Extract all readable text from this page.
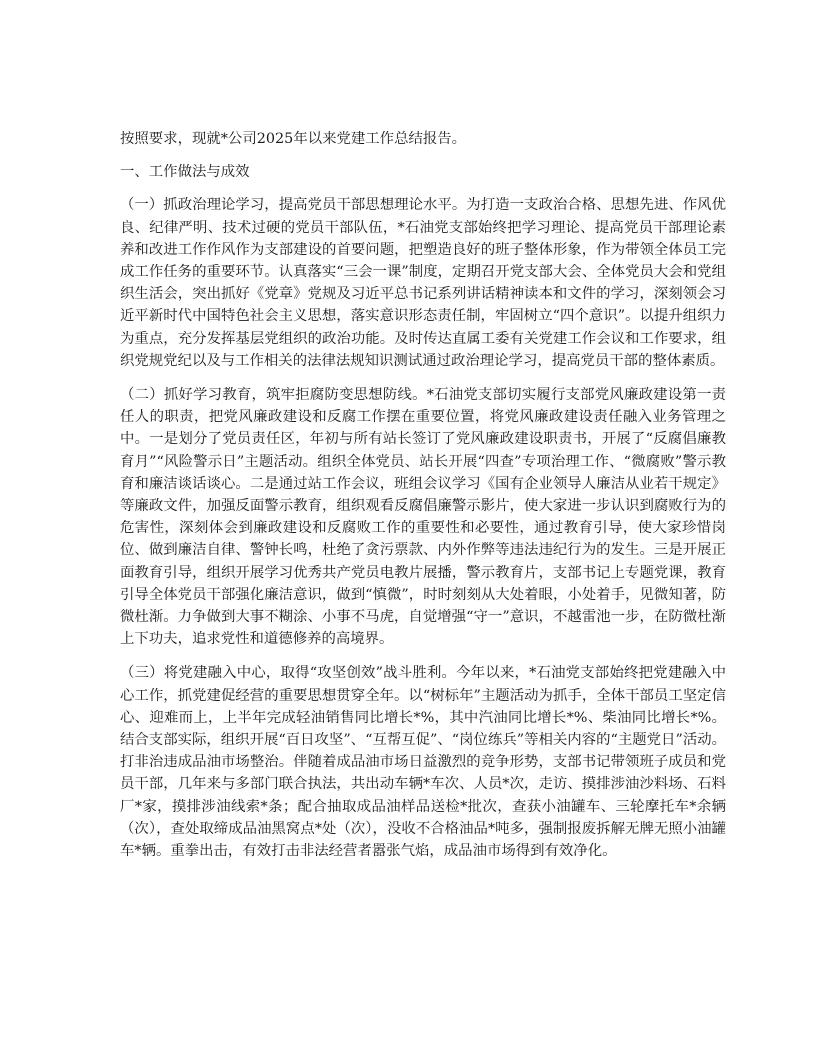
按照要求，现就*公司2025年以来党建工作总结报告。

一、工作做法与成效

（一）抓政治理论学习，提高党员干部思想理论水平。为打造一支政治合格、思想先进、作风优良、纪律严明、技术过硬的党员干部队伍，*石油党支部始终把学习理论、提高党员干部理论素养和改进工作作风作为支部建设的首要问题，把塑造良好的班子整体形象，作为带领全体员工完成工作任务的重要环节。认真落实“三会一课”制度，定期召开党支部大会、全体党员大会和党组织生活会，突出抓好《党章》党规及习近平总书记系列讲话精神读本和文件的学习，深刻领会习近平新时代中国特色社会主义思想，落实意识形态责任制，牢固树立“四个意识”。以提升组织力为重点，充分发挥基层党组织的政治功能。及时传达直属工委有关党建工作会议和工作要求，组织党规党纪以及与工作相关的法律法规知识测试通过政治理论学习，提高党员干部的整体素质。

（二）抓好学习教育，筑牢拒腐防变思想防线。*石油党支部切实履行支部党风廉政建设第一责任人的职责，把党风廉政建设和反腐工作摆在重要位置，将党风廉政建设责任融入业务管理之中。一是划分了党员责任区，年初与所有站长签订了党风廉政建设职责书，开展了“反腐倡廉教育月”“风险警示日”主题活动。组织全体党员、站长开展“四查”专项治理工作、“微腐败”警示教育和廉洁谈话谈心。二是通过站工作会议，班组会议学习《国有企业领导人廉洁从业若干规定》等廉政文件，加强反面警示教育，组织观看反腐倡廉警示影片，使大家进一步认识到腐败行为的危害性，深刻体会到廉政建设和反腐败工作的重要性和必要性，通过教育引导，使大家珍惜岗位、做到廉洁自律、警钟长鸣，杜绝了贪污票款、内外作弊等违法违纪行为的发生。三是开展正面教育引导，组织开展学习优秀共产党员电教片展播，警示教育片，支部书记上专题党课，教育引导全体党员干部强化廉洁意识，做到“慎微”，时时刻刻从大处着眼，小处着手，见微知著，防微杜渐。力争做到大事不糊涂、小事不马虎，自觉增强“守一”意识，不越雷池一步，在防微杜渐上下功夫，追求党性和道德修养的高境界。

（三）将党建融入中心，取得“攻坚创效”战斗胜利。今年以来，*石油党支部始终把党建融入中心工作，抓党建促经营的重要思想贯穿全年。以“树标年”主题活动为抓手，全体干部员工坚定信心、迎难而上，上半年完成轻油销售同比增长*%，其中汽油同比增长*%、柴油同比增长*%。结合支部实际，组织开展“百日攻坚”、“互帮互促”、“岗位练兵”等相关内容的“主题党日”活动。打非治违成品油市场整治。伴随着成品油市场日益激烈的竞争形势，支部书记带领班子成员和党员干部，几年来与多部门联合执法，共出动车辆*车次、人员*次，走访、摸排涉油沙料场、石料厂*家，摸排涉油线索*条；配合抽取成品油样品送检*批次，查获小油罐车、三轮摩托车*余辆（次），查处取缔成品油黑窝点*处（次），没收不合格油品*吨多，强制报废拆解无牌无照小油罐车*辆。重拳出击，有效打击非法经营者嚣张气焰，成品油市场得到有效净化。
